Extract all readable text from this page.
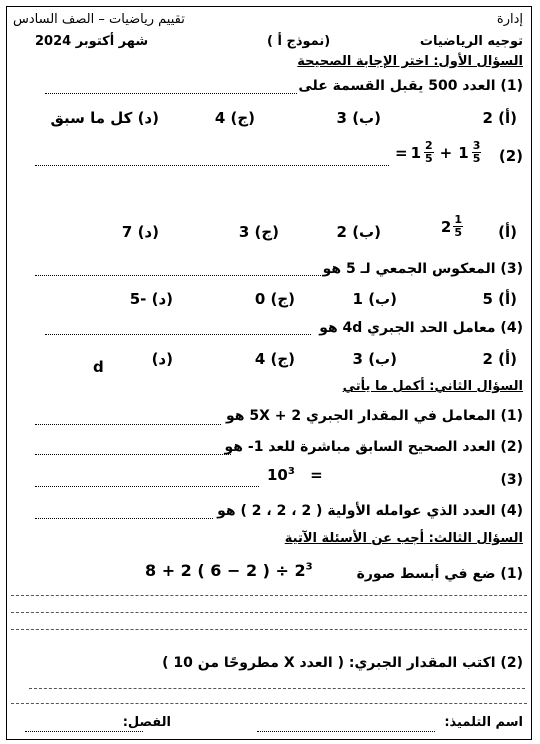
إدارة
تقييم رياضيات – الصف السادس
توجيه الرياضيات
(نموذج أ )
شهر أكتوبر 2024
السؤال الأول: اختر الإجابة الصحيحة
(1) العدد 500 يقبل القسمة على
(أ) 2
(ب) 3
(ج) 4
(د) كل ما سبق
(2)
= $1 \frac{2}{5} + 1 \frac{3}{5}$
(أ)
$2 \frac{1}{5}$
(ب) 2
(ج) 3
(د) 7
(3) المعكوس الجمعي لـ 5 هو
(أ) 5
(ب) 1
(ج) 0
(د) -5
(4) معامل الحد الجبري 4d هو
(أ) 2
(ب) 3
(ج) 4
(د)
d
السؤال الثاني: أكمل ما يأتي
(1) المعامل في المقدار الجبري 2 + 5X هو
(2) العدد الصحيح السابق مباشرة للعد 1- هو
(3)
$10^3$ =
(4) العدد الذي عوامله الأولية ( 2 ، 2 ، 2 ) هو
السؤال الثالث: أجب عن الأسئلة الآتية
(1) ضع في أبسط صورة
8 + 2 ( 6 − 2 ) ÷ $2^3$
(2) اكتب المقدار الجبري: ( العدد X مطروحًا من 10 )
اسم التلميذ:
الفصل:
